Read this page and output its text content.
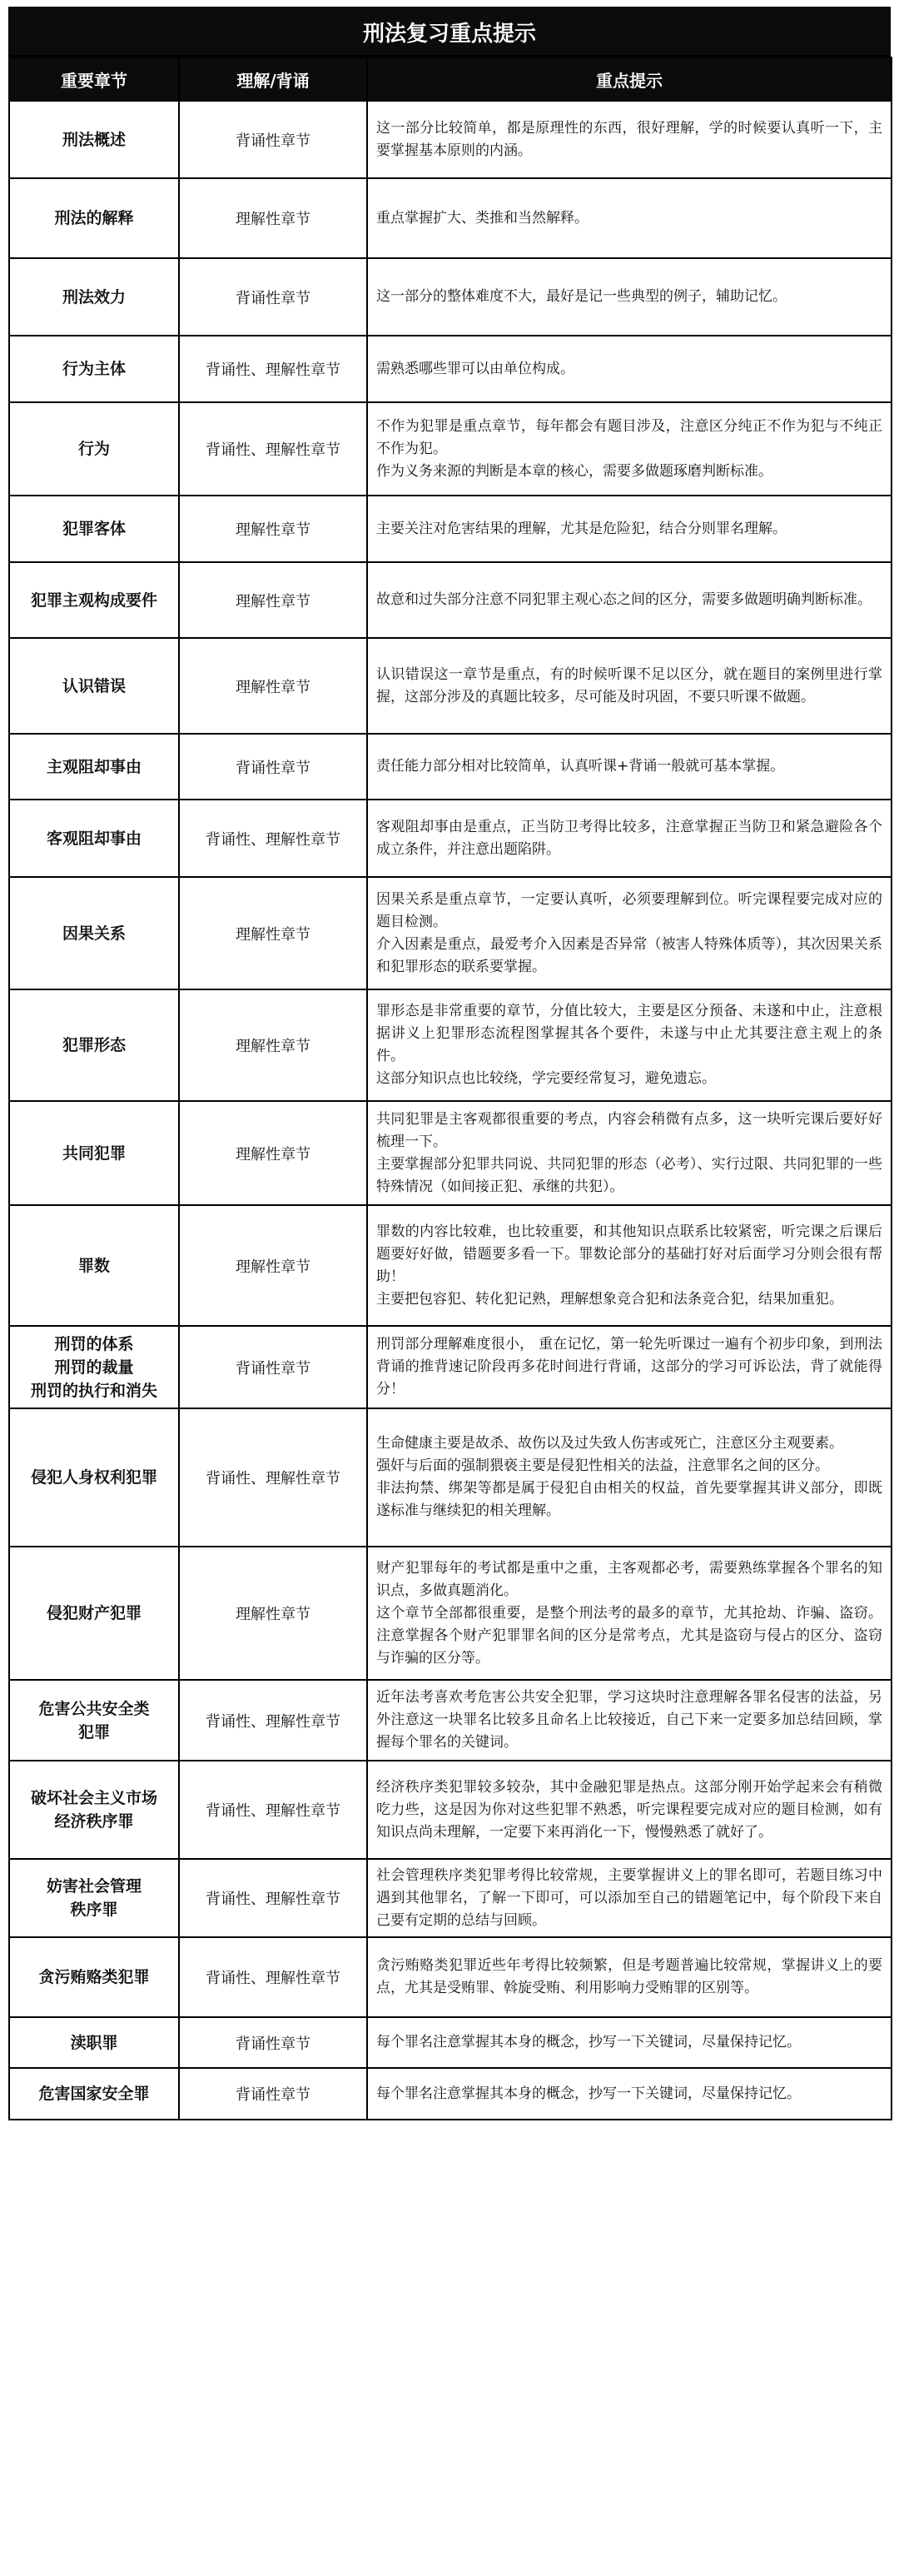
刑法复习重点提示
重要章节	理解/背诵	重点提示
刑法概述	背诵性章节	这一部分比较简单，都是原理性的东西，很好理解，学的时候要认真听一下，主要掌握基本原则的内涵。
刑法的解释	理解性章节	重点掌握扩大、类推和当然解释。
刑法效力	背诵性章节	这一部分的整体难度不大，最好是记一些典型的例子，辅助记忆。
行为主体	背诵性、理解性章节	需熟悉哪些罪可以由单位构成。
行为	背诵性、理解性章节	不作为犯罪是重点章节，每年都会有题目涉及，注意区分纯正不作为犯与不纯正不作为犯。
作为义务来源的判断是本章的核心，需要多做题琢磨判断标准。
犯罪客体	理解性章节	主要关注对危害结果的理解，尤其是危险犯，结合分则罪名理解。
犯罪主观构成要件	理解性章节	故意和过失部分注意不同犯罪主观心态之间的区分，需要多做题明确判断标准。
认识错误	理解性章节	认识错误这一章节是重点，有的时候听课不足以区分，就在题目的案例里进行掌握，这部分涉及的真题比较多，尽可能及时巩固，不要只听课不做题。
主观阻却事由	背诵性章节	责任能力部分相对比较简单，认真听课+背诵一般就可基本掌握。
客观阻却事由	背诵性、理解性章节	客观阻却事由是重点，正当防卫考得比较多，注意掌握正当防卫和紧急避险各个成立条件，并注意出题陷阱。
因果关系	理解性章节	因果关系是重点章节，一定要认真听，必须要理解到位。听完课程要完成对应的题目检测。
介入因素是重点，最爱考介入因素是否异常（被害人特殊体质等），其次因果关系和犯罪形态的联系要掌握。
犯罪形态	理解性章节	罪形态是非常重要的章节，分值比较大，主要是区分预备、未遂和中止，注意根据讲义上犯罪形态流程图掌握其各个要件，未遂与中止尤其要注意主观上的条件。
这部分知识点也比较绕，学完要经常复习，避免遗忘。
共同犯罪	理解性章节	共同犯罪是主客观都很重要的考点，内容会稍微有点多，这一块听完课后要好好梳理一下。
主要掌握部分犯罪共同说、共同犯罪的形态（必考）、实行过限、共同犯罪的一些特殊情况（如间接正犯、承继的共犯）。
罪数	理解性章节	罪数的内容比较难，也比较重要，和其他知识点联系比较紧密，听完课之后课后题要好好做，错题要多看一下。罪数论部分的基础打好对后面学习分则会很有帮助！
主要把包容犯、转化犯记熟，理解想象竞合犯和法条竞合犯，结果加重犯。
刑罚的体系
刑罚的裁量
刑罚的执行和消失	背诵性章节	刑罚部分理解难度很小， 重在记忆，第一轮先听课过一遍有个初步印象，到刑法背诵的推背速记阶段再多花时间进行背诵，这部分的学习可诉讼法，背了就能得分！
侵犯人身权利犯罪	背诵性、理解性章节	生命健康主要是故杀、故伤以及过失致人伤害或死亡，注意区分主观要素。
强奸与后面的强制猥亵主要是侵犯性相关的法益，注意罪名之间的区分。
非法拘禁、绑架等都是属于侵犯自由相关的权益，首先要掌握其讲义部分，即既遂标准与继续犯的相关理解。
侵犯财产犯罪	理解性章节	财产犯罪每年的考试都是重中之重，主客观都必考，需要熟练掌握各个罪名的知识点，多做真题消化。
这个章节全部都很重要，是整个刑法考的最多的章节，尤其抢劫、诈骗、盗窃。注意掌握各个财产犯罪罪名间的区分是常考点，尤其是盗窃与侵占的区分、盗窃与诈骗的区分等。
危害公共安全类
犯罪	背诵性、理解性章节	近年法考喜欢考危害公共安全犯罪，学习这块时注意理解各罪名侵害的法益，另外注意这一块罪名比较多且命名上比较接近，自己下来一定要多加总结回顾，掌握每个罪名的关键词。
破坏社会主义市场
经济秩序罪	背诵性、理解性章节	经济秩序类犯罪较多较杂，其中金融犯罪是热点。这部分刚开始学起来会有稍微吃力些，这是因为你对这些犯罪不熟悉，听完课程要完成对应的题目检测，如有知识点尚未理解，一定要下来再消化一下，慢慢熟悉了就好了。
妨害社会管理
秩序罪	背诵性、理解性章节	社会管理秩序类犯罪考得比较常规，主要掌握讲义上的罪名即可，若题目练习中遇到其他罪名，了解一下即可，可以添加至自己的错题笔记中，每个阶段下来自己要有定期的总结与回顾。
贪污贿赂类犯罪	背诵性、理解性章节	贪污贿赂类犯罪近些年考得比较频繁，但是考题普遍比较常规，掌握讲义上的要点，尤其是受贿罪、斡旋受贿、利用影响力受贿罪的区别等。
渎职罪	背诵性章节	每个罪名注意掌握其本身的概念，抄写一下关键词，尽量保持记忆。
危害国家安全罪	背诵性章节	每个罪名注意掌握其本身的概念，抄写一下关键词，尽量保持记忆。
